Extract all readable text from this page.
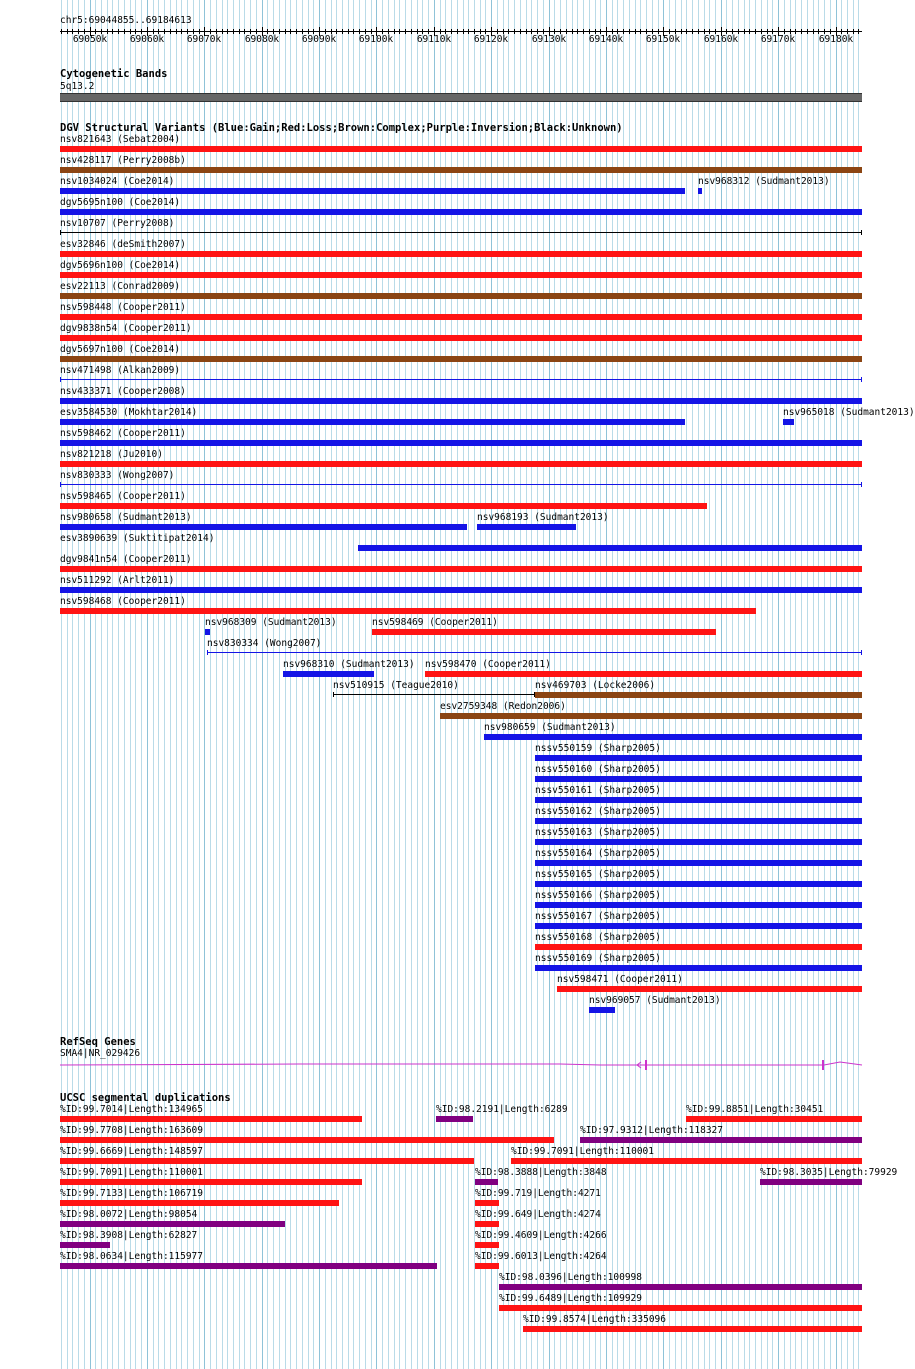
chr5:69044855..69184613
69050k 69060k 69070k 69080k 69090k 69100k 69110k 69120k 69130k 69140k 69150k 69160k 69170k 69180k
Cytogenetic Bands
5q13.2
DGV Structural Variants (Blue:Gain;Red:Loss;Brown:Complex;Purple:Inversion;Black:Unknown)
nsv821643 (Sebat2004)
nsv428117 (Perry2008b)
nsv1034024 (Coe2014)	nsv968312 (Sudmant2013)
dgv5695n100 (Coe2014)
nsv10707 (Perry2008)
esv32846 (deSmith2007)
dgv5696n100 (Coe2014)
esv22113 (Conrad2009)
nsv598448 (Cooper2011)
dgv9838n54 (Cooper2011)
dgv5697n100 (Coe2014)
nsv471498 (Alkan2009)
nsv433371 (Cooper2008)
esv3584530 (Mokhtar2014)	nsv965018 (Sudmant2013)
nsv598462 (Cooper2011)
nsv821218 (Ju2010)
nsv830333 (Wong2007)
nsv598465 (Cooper2011)
nsv980658 (Sudmant2013)	nsv968193 (Sudmant2013)
esv3890639 (Suktitipat2014)
dgv9841n54 (Cooper2011)
nsv511292 (Arlt2011)
nsv598468 (Cooper2011)
nsv968309 (Sudmant2013)	nsv598469 (Cooper2011)
nsv830334 (Wong2007)
nsv968310 (Sudmant2013) nsv598470 (Cooper2011)
nsv510915 (Teague2010)	nsv469703 (Locke2006)
esv2759348 (Redon2006)
nsv980659 (Sudmant2013)
nssv550159 (Sharp2005)
nssv550160 (Sharp2005)
nssv550161 (Sharp2005)
nssv550162 (Sharp2005)
nssv550163 (Sharp2005)
nssv550164 (Sharp2005)
nssv550165 (Sharp2005)
nssv550166 (Sharp2005)
nssv550167 (Sharp2005)
nssv550168 (Sharp2005)
nssv550169 (Sharp2005)
nsv598471 (Cooper2011)
nsv969057 (Sudmant2013)
RefSeq Genes
SMA4|NR_029426
UCSC segmental duplications
%ID:99.7014|Length:134965	%ID:98.2191|Length:6289	%ID:99.8851|Length:30451
%ID:99.7708|Length:163609	%ID:97.9312|Length:118327
%ID:99.6669|Length:148597	%ID:99.7091|Length:110001
%ID:99.7091|Length:110001	%ID:98.3888|Length:3848	%ID:98.3035|Length:79929
%ID:99.7133|Length:106719	%ID:99.719|Length:4271
%ID:98.0072|Length:98054	%ID:99.649|Length:4274
%ID:98.3908|Length:62827	%ID:99.4609|Length:4266
%ID:98.0634|Length:115977	%ID:99.6013|Length:4264
%ID:98.0396|Length:100998
%ID:99.6489|Length:109929
%ID:99.8574|Length:335096
